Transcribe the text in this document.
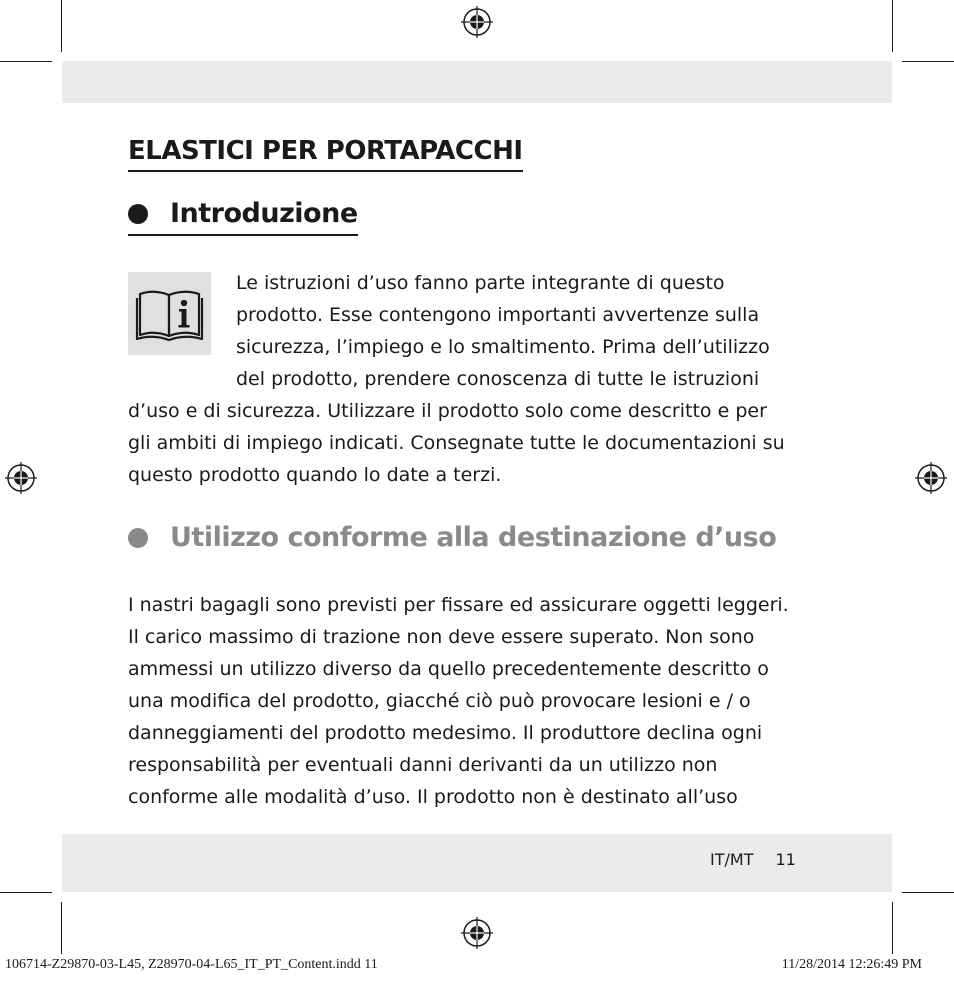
ELASTICI PER PORTAPACCHI
Introduzione

Le istruzioni d’uso fanno parte integrante di questo
prodotto. Esse contengono importanti avvertenze sulla
sicurezza, l’impiego e lo smaltimento. Prima dell’utilizzo
del prodotto, prendere conoscenza di tutte le istruzioni

d’uso e di sicurezza. Utilizzare il prodotto solo come descritto e per
gli ambiti di impiego indicati. Consegnate tutte le documentazioni su
questo prodotto quando lo date a terzi.

Utilizzo conforme alla destinazione d’uso

I nastri bagagli sono previsti per fissare ed assicurare oggetti leggeri.
Il carico massimo di trazione non deve essere superato. Non sono
ammessi un utilizzo diverso da quello precedentemente descritto o
una modifica del prodotto, giacché ciò può provocare lesioni e / o
danneggiamenti del prodotto medesimo. Il produttore declina ogni
responsabilità per eventuali danni derivanti da un utilizzo non
conforme alle modalità d’uso. Il prodotto non è destinato all’uso

IT/MT 11
106714-Z29870-03-L45, Z28970-04-L65_IT_PT_Content.indd 11	11/28/2014 12:26:49 PM
